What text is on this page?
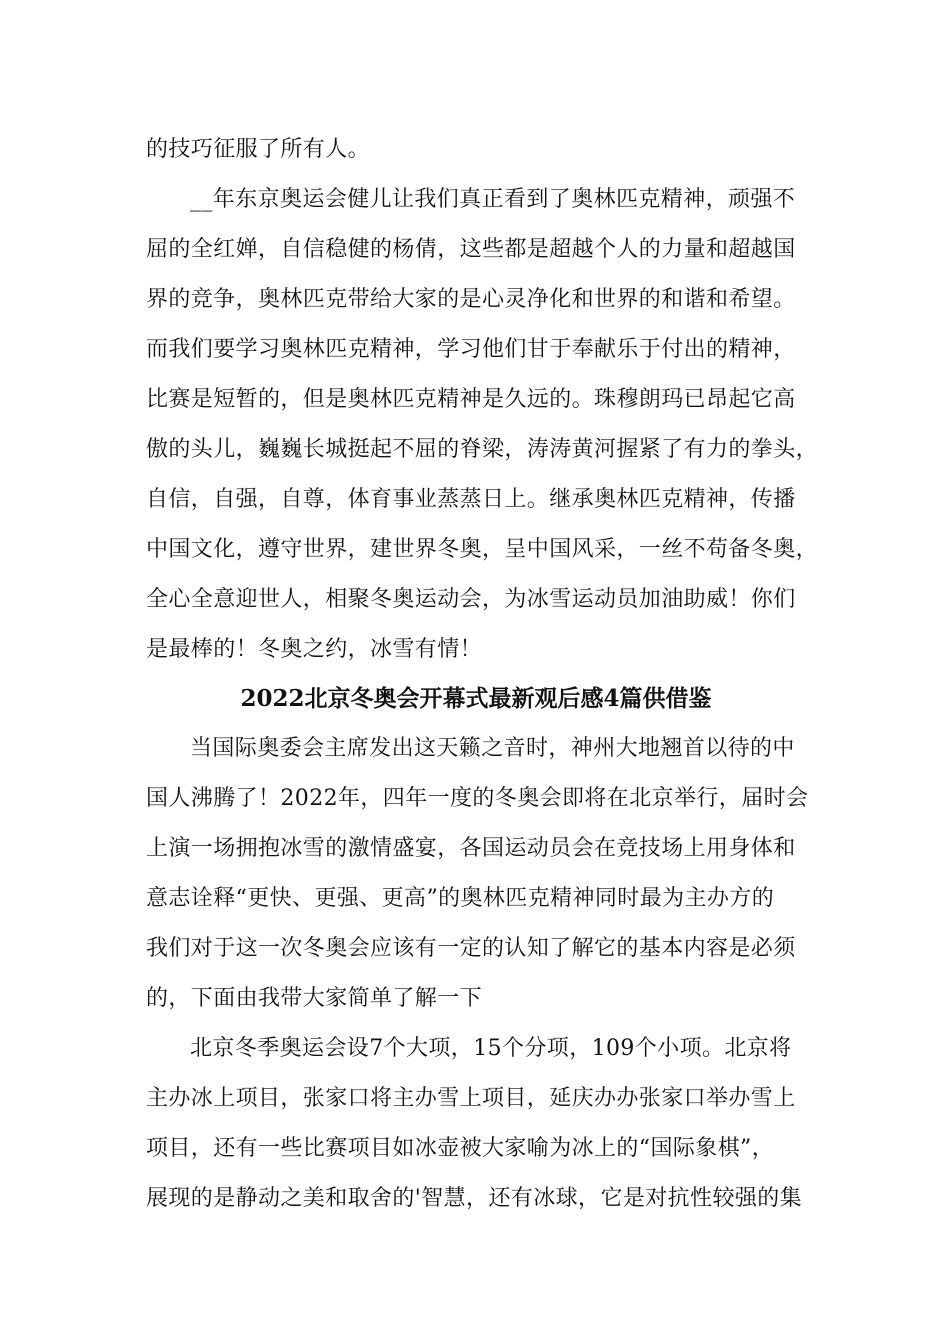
的技巧征服了所有人。
__年东京奥运会健儿让我们真正看到了奥林匹克精神，顽强不
屈的全红婵，自信稳健的杨倩，这些都是超越个人的力量和超越国
界的竞争，奥林匹克带给大家的是心灵净化和世界的和谐和希望。
而我们要学习奥林匹克精神，学习他们甘于奉献乐于付出的精神，
比赛是短暂的，但是奥林匹克精神是久远的。珠穆朗玛已昂起它高
傲的头儿，巍巍长城挺起不屈的脊梁，涛涛黄河握紧了有力的拳头，
自信，自强，自尊，体育事业蒸蒸日上。继承奥林匹克精神，传播
中国文化，遵守世界，建世界冬奥，呈中国风采，一丝不苟备冬奥，
全心全意迎世人，相聚冬奥运动会，为冰雪运动员加油助威！你们
是最棒的！冬奥之约，冰雪有情！
2022北京冬奥会开幕式最新观后感4篇供借鉴
当国际奥委会主席发出这天籁之音时，神州大地翘首以待的中
国人沸腾了！2022年，四年一度的冬奥会即将在北京举行，届时会
上演一场拥抱冰雪的激情盛宴，各国运动员会在竞技场上用身体和
意志诠释“更快、更强、更高”的奥林匹克精神同时最为主办方的
我们对于这一次冬奥会应该有一定的认知了解它的基本内容是必须
的，下面由我带大家简单了解一下
北京冬季奥运会设7个大项，15个分项，109个小项。北京将
主办冰上项目，张家口将主办雪上项目，延庆办办张家口举办雪上
项目，还有一些比赛项目如冰壶被大家喻为冰上的“国际象棋”，
展现的是静动之美和取舍的'智慧，还有冰球，它是对抗性较强的集
